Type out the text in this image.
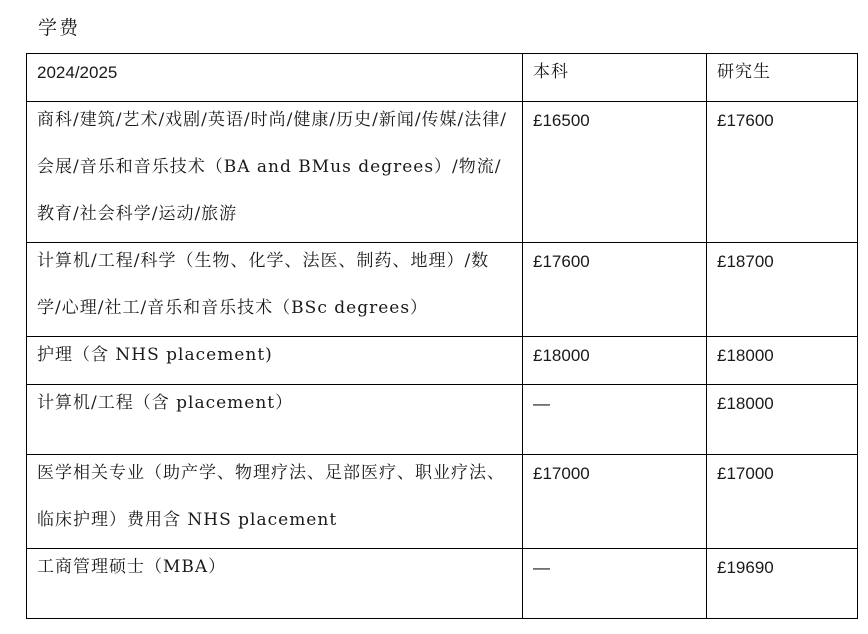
学费
2024/2025	本科	研究生

商科/建筑/艺术/戏剧/英语/时尚/健康/历史/新闻/传媒/法律/会展/音乐和音乐技术（BA and BMus degrees）/物流/教育/社会科学/运动/旅游	£16500	£17600

计算机/工程/科学（生物、化学、法医、制药、地理）/数学/心理/社工/音乐和音乐技术（BSc degrees）	£17600	£18700

护理（含 NHS placement)	£18000	£18000

计算机/工程（含 placement）	—	£18000

医学相关专业（助产学、物理疗法、足部医疗、职业疗法、临床护理）费用含 NHS placement	£17000	£17000

工商管理硕士（MBA）	—	£19690
